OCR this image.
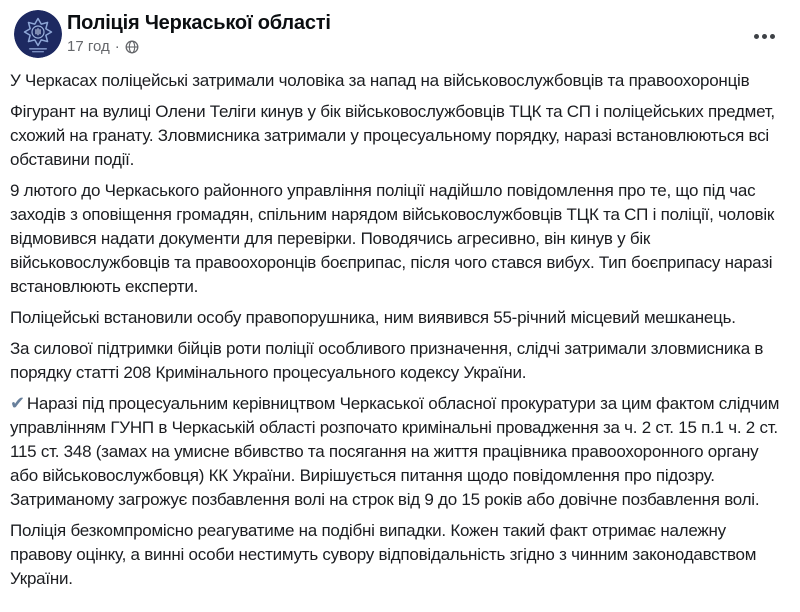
Поліція Черкаської області
17 год ·

У Черкасах поліцейські затримали чоловіка за напад на військовослужбовців та правоохоронців

Фігурант на вулиці Олени Теліги кинув у бік військовослужбовців ТЦК та СП і поліцейських предмет, схожий на гранату. Зловмисника затримали у процесуальному порядку, наразі встановлюються всі обставини події.

9 лютого до Черкаського районного управління поліції надійшло повідомлення про те, що під час заходів з оповіщення громадян, спільним нарядом військовослужбовців ТЦК та СП і поліції, чоловік відмовився надати документи для перевірки. Поводячись агресивно, він кинув у бік військовослужбовців та правоохоронців боєприпас, після чого стався вибух. Тип боєприпасу наразі встановлюють експерти.

Поліцейські встановили особу правопорушника, ним виявився 55-річний місцевий мешканець.

За силової підтримки бійців роти поліції особливого призначення, слідчі затримали зловмисника в порядку статті 208 Кримінального процесуального кодексу України.

✔ Наразі під процесуальним керівництвом Черкаської обласної прокуратури за цим фактом слідчим управлінням ГУНП в Черкаській області розпочато кримінальні провадження за ч. 2 ст. 15 п.1 ч. 2 ст. 115 ст. 348 (замах на умисне вбивство та посягання на життя працівника правоохоронного органу або військовослужбовця) КК України. Вирішується питання щодо повідомлення про підозру. Затриманому загрожує позбавлення волі на строк від 9 до 15 років або довічне позбавлення волі.

Поліція безкомпромісно реагуватиме на подібні випадки. Кожен такий факт отримає належну правову оцінку, а винні особи нестимуть сувору відповідальність згідно з чинним законодавством України.
